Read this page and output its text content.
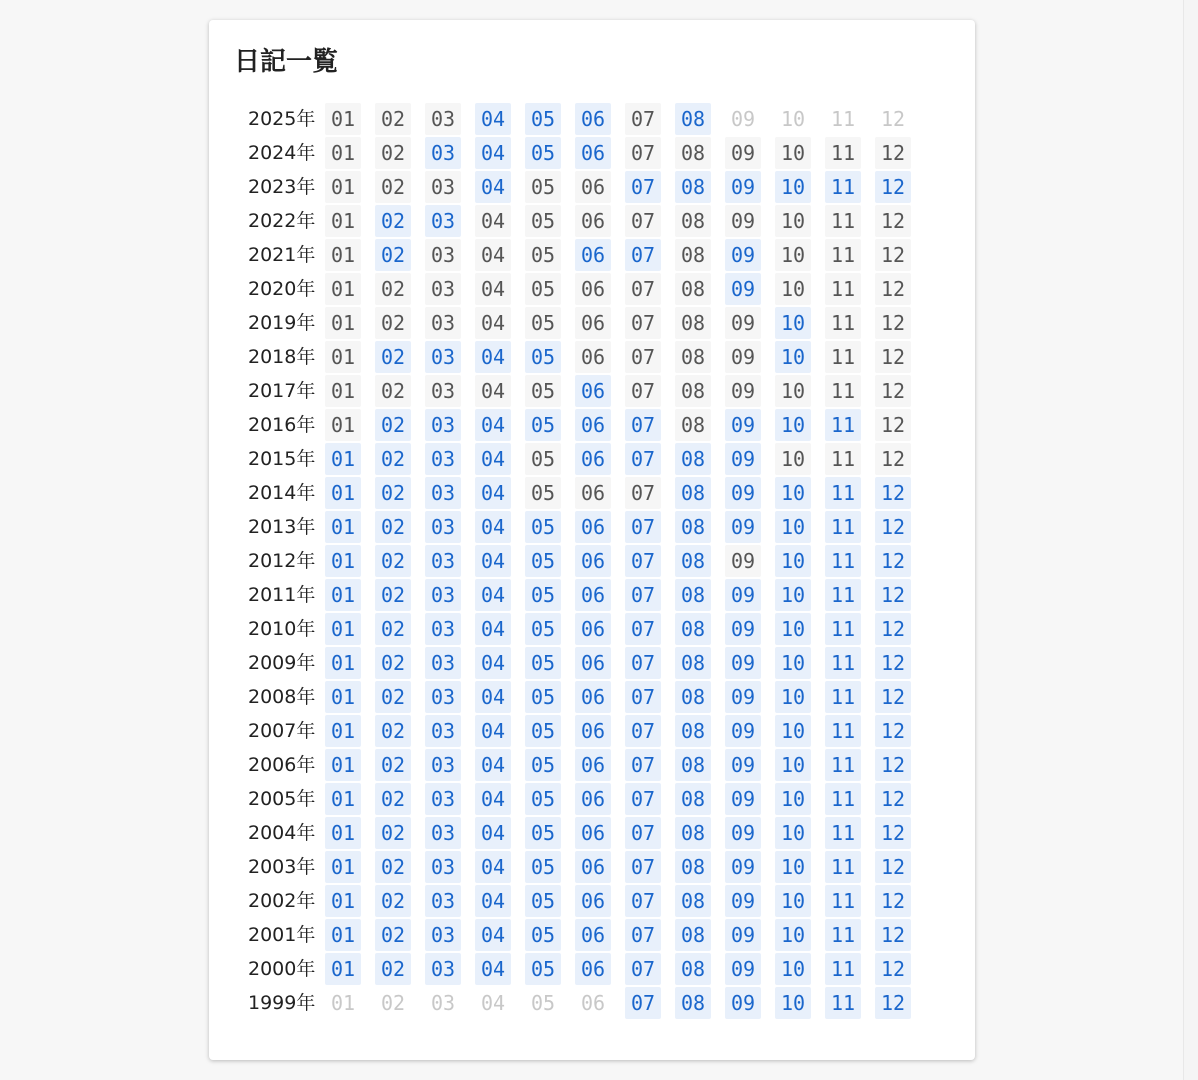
日記一覧
2025年 01 02 03 04 05 06 07 08 09 10 11 12
2024年 01 02 03 04 05 06 07 08 09 10 11 12
2023年 01 02 03 04 05 06 07 08 09 10 11 12
2022年 01 02 03 04 05 06 07 08 09 10 11 12
2021年 01 02 03 04 05 06 07 08 09 10 11 12
2020年 01 02 03 04 05 06 07 08 09 10 11 12
2019年 01 02 03 04 05 06 07 08 09 10 11 12
2018年 01 02 03 04 05 06 07 08 09 10 11 12
2017年 01 02 03 04 05 06 07 08 09 10 11 12
2016年 01 02 03 04 05 06 07 08 09 10 11 12
2015年 01 02 03 04 05 06 07 08 09 10 11 12
2014年 01 02 03 04 05 06 07 08 09 10 11 12
2013年 01 02 03 04 05 06 07 08 09 10 11 12
2012年 01 02 03 04 05 06 07 08 09 10 11 12
2011年 01 02 03 04 05 06 07 08 09 10 11 12
2010年 01 02 03 04 05 06 07 08 09 10 11 12
2009年 01 02 03 04 05 06 07 08 09 10 11 12
2008年 01 02 03 04 05 06 07 08 09 10 11 12
2007年 01 02 03 04 05 06 07 08 09 10 11 12
2006年 01 02 03 04 05 06 07 08 09 10 11 12
2005年 01 02 03 04 05 06 07 08 09 10 11 12
2004年 01 02 03 04 05 06 07 08 09 10 11 12
2003年 01 02 03 04 05 06 07 08 09 10 11 12
2002年 01 02 03 04 05 06 07 08 09 10 11 12
2001年 01 02 03 04 05 06 07 08 09 10 11 12
2000年 01 02 03 04 05 06 07 08 09 10 11 12
1999年 01 02 03 04 05 06 07 08 09 10 11 12
